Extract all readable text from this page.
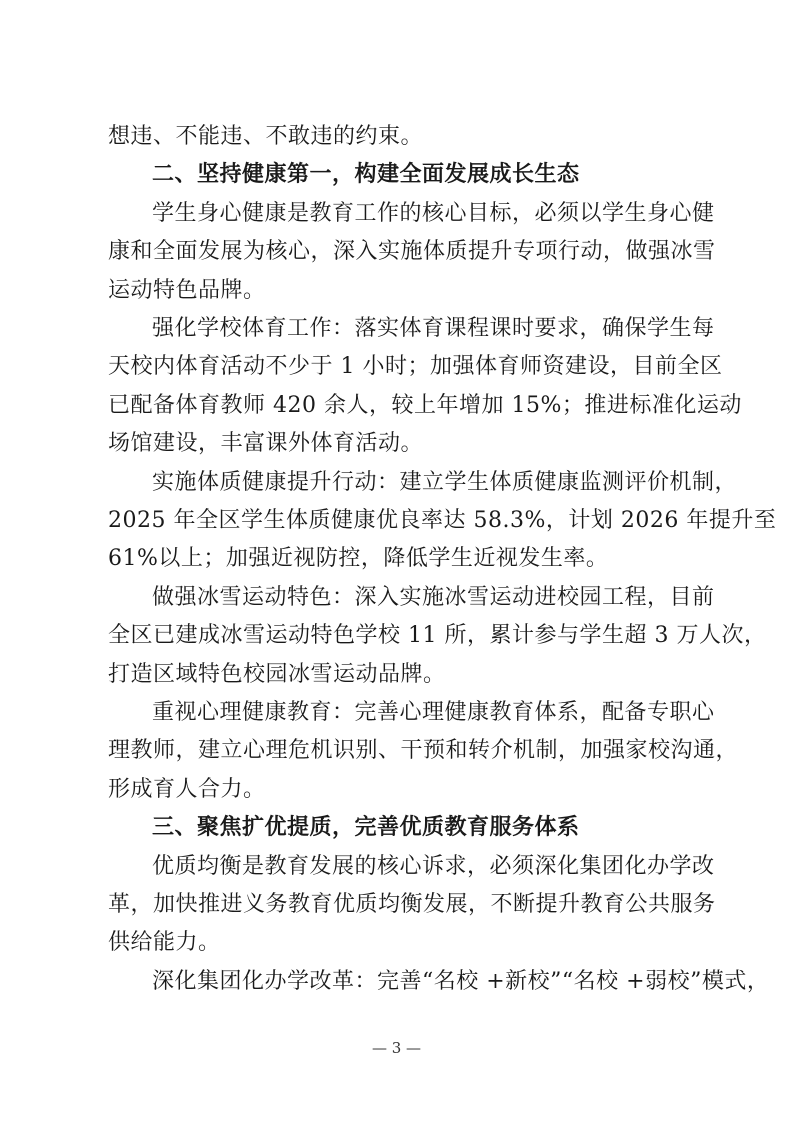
想违、不能违、不敢违的约束。
二、坚持健康第一，构建全面发展成长生态
学生身心健康是教育工作的核心目标，必须以学生身心健
康和全面发展为核心，深入实施体质提升专项行动，做强冰雪
运动特色品牌。
强化学校体育工作：落实体育课程课时要求，确保学生每
天校内体育活动不少于 1 小时；加强体育师资建设，目前全区
已配备体育教师 420 余人，较上年增加 15%；推进标准化运动
场馆建设，丰富课外体育活动。
实施体质健康提升行动：建立学生体质健康监测评价机制，
2025 年全区学生体质健康优良率达 58.3%，计划 2026 年提升至
61%以上；加强近视防控，降低学生近视发生率。
做强冰雪运动特色：深入实施冰雪运动进校园工程，目前
全区已建成冰雪运动特色学校 11 所，累计参与学生超 3 万人次，
打造区域特色校园冰雪运动品牌。
重视心理健康教育：完善心理健康教育体系，配备专职心
理教师，建立心理危机识别、干预和转介机制，加强家校沟通，
形成育人合力。
三、聚焦扩优提质，完善优质教育服务体系
优质均衡是教育发展的核心诉求，必须深化集团化办学改
革，加快推进义务教育优质均衡发展，不断提升教育公共服务
供给能力。
深化集团化办学改革：完善“名校 +新校”“名校 +弱校”模式，
— 3 —
